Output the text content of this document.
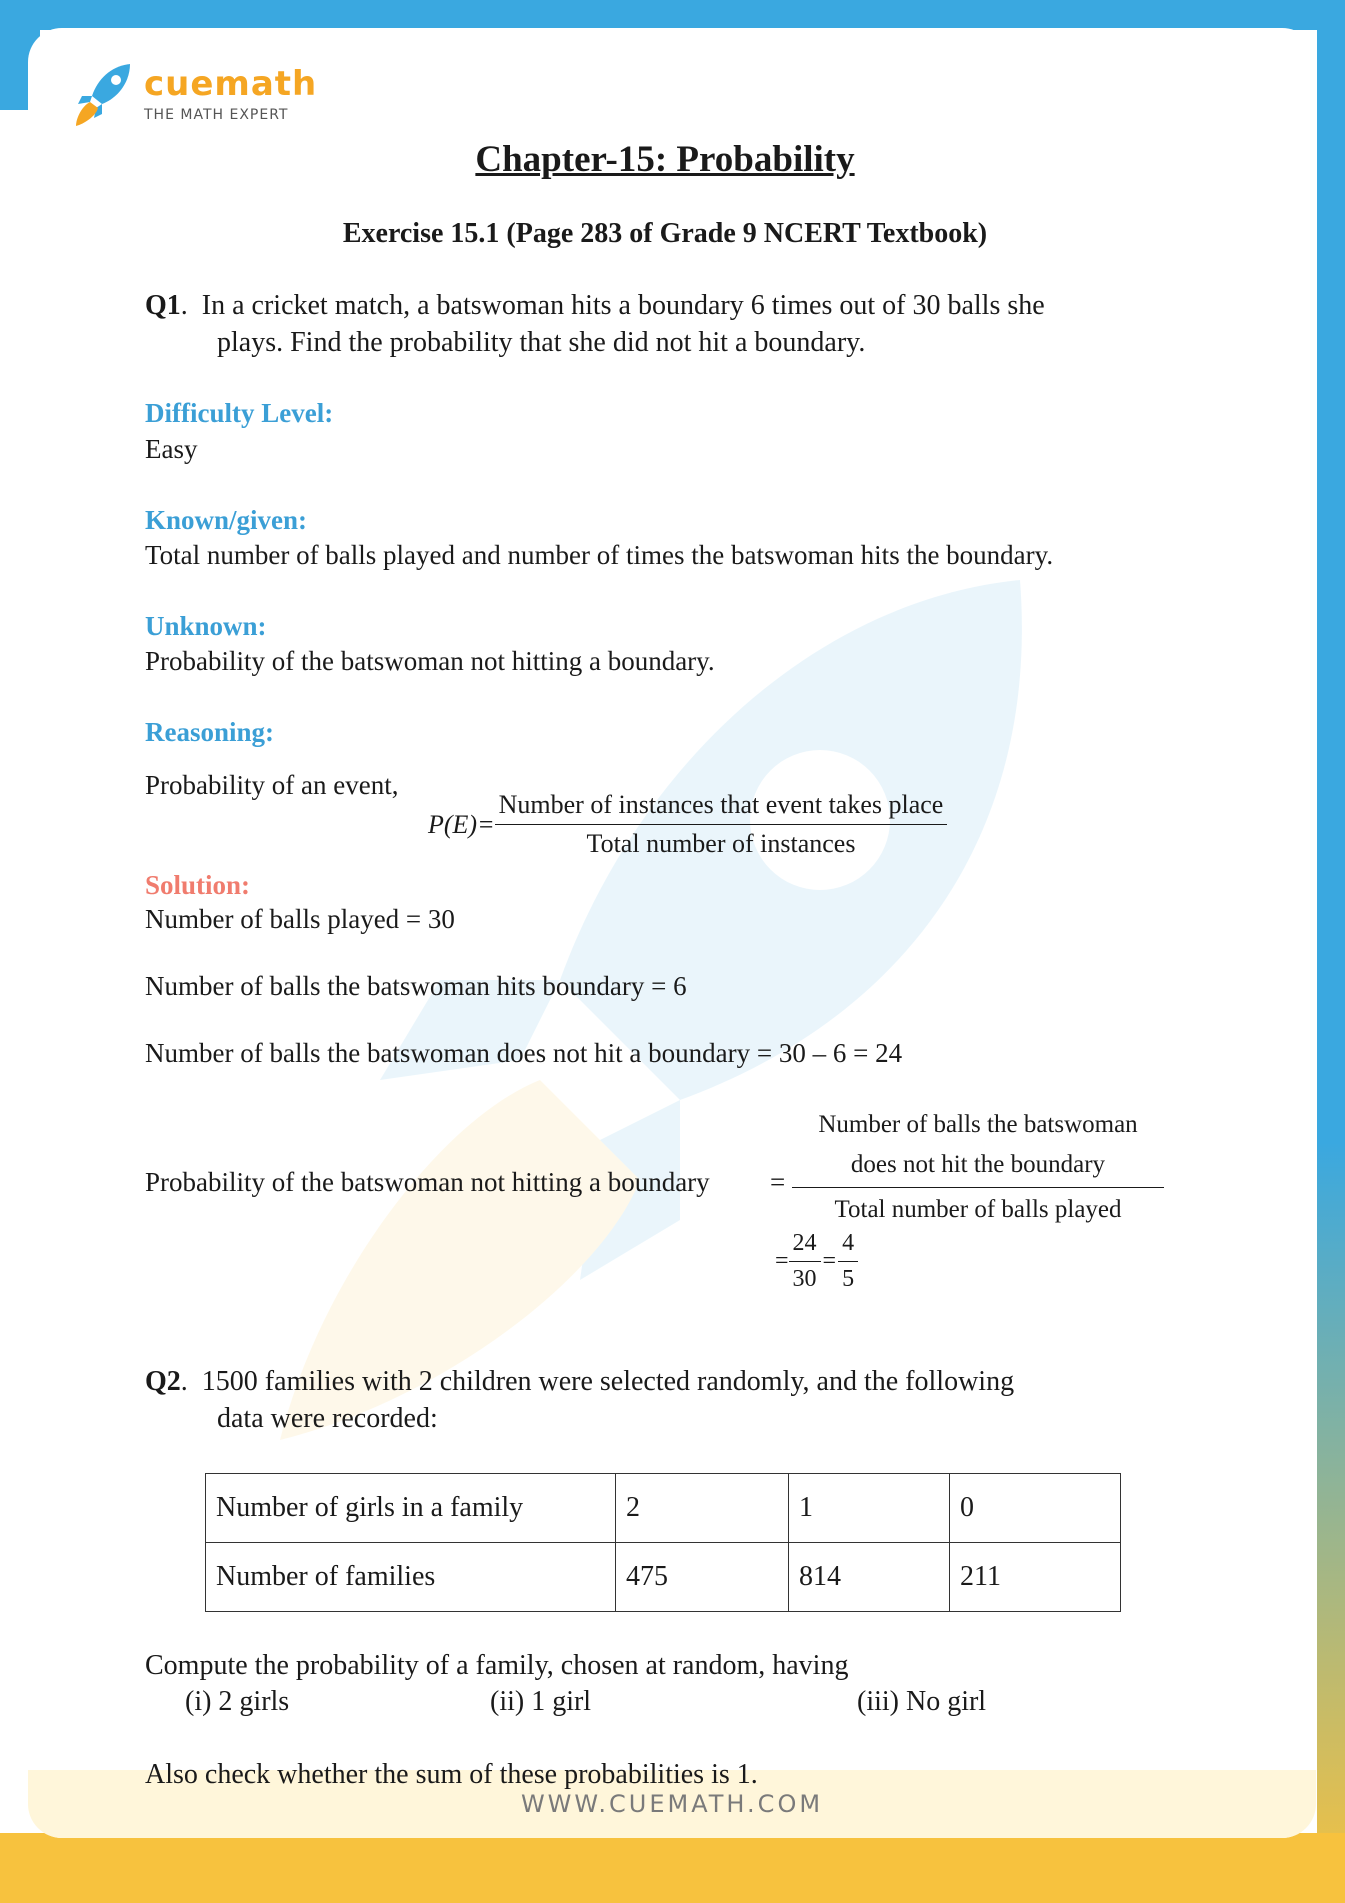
cuemath
THE MATH EXPERT
Chapter-15: Probability
Exercise 15.1 (Page 283 of Grade 9 NCERT Textbook)
Q1.  In a cricket match, a batswoman hits a boundary 6 times out of 30 balls she
plays. Find the probability that she did not hit a boundary.
Difficulty Level:
Easy
Known/given:
Total number of balls played and number of times the batswoman hits the boundary.
Unknown:
Probability of the batswoman not hitting a boundary.
Reasoning:
Probability of an event,
$P(E)= \frac{\text{Number of instances that event takes place}}{\text{Total number of instances}}$
Solution:
Number of balls played = 30
Number of balls the batswoman hits boundary = 6
Number of balls the batswoman does not hit a boundary = 30 – 6 = 24
Probability of the batswoman not hitting a boundary =
Number of balls the batswoman
does not hit the boundary
Total number of balls played
= $\frac{24}{30} = \frac{4}{5}$
Q2.  1500 families with 2 children were selected randomly, and the following
data were recorded:
Number of girls in a family	2	1	0
Number of families	475	814	211
Compute the probability of a family, chosen at random, having
(i) 2 girls	(ii) 1 girl	(iii) No girl
Also check whether the sum of these probabilities is 1.
WWW.CUEMATH.COM
